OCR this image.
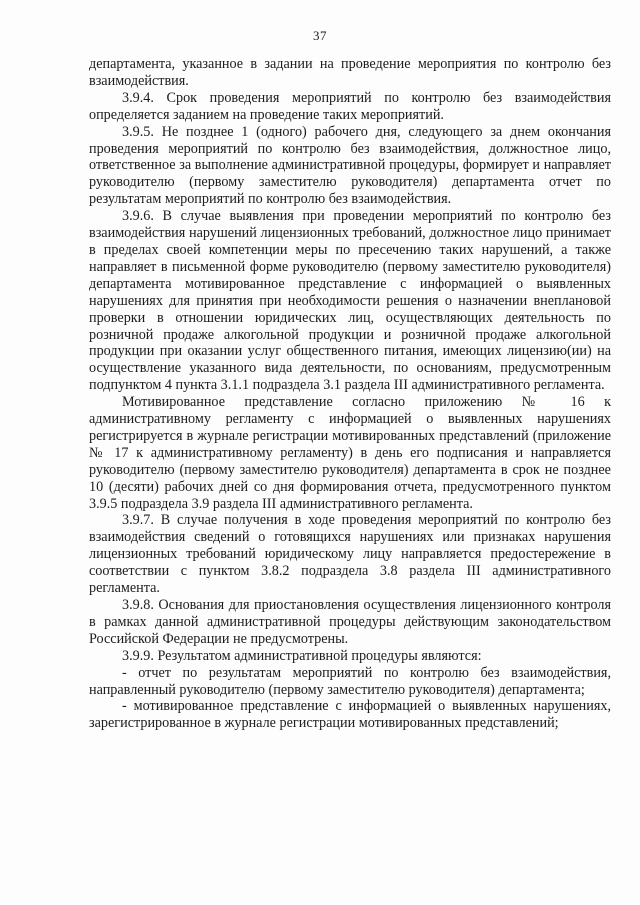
37

департамента, указанное в задании на проведение мероприятия по контролю без взаимодействия.

3.9.4. Срок проведения мероприятий по контролю без взаимодействия определяется заданием на проведение таких мероприятий.

3.9.5. Не позднее 1 (одного) рабочего дня, следующего за днем окончания проведения мероприятий по контролю без взаимодействия, должностное лицо, ответственное за выполнение административной процедуры, формирует и направляет руководителю (первому заместителю руководителя) департамента отчет по результатам мероприятий по контролю без взаимодействия.

3.9.6. В случае выявления при проведении мероприятий по контролю без взаимодействия нарушений лицензионных требований, должностное лицо принимает в пределах своей компетенции меры по пресечению таких нарушений, а также направляет в письменной форме руководителю (первому заместителю руководителя) департамента мотивированное представление с информацией о выявленных нарушениях для принятия при необходимости решения о назначении внеплановой проверки в отношении юридических лиц, осуществляющих деятельность по розничной продаже алкогольной продукции и розничной продаже алкогольной продукции при оказании услуг общественного питания, имеющих лицензию(ии) на осуществление указанного вида деятельности, по основаниям, предусмотренным подпунктом 4 пункта 3.1.1 подраздела 3.1 раздела III административного регламента.

Мотивированное представление согласно приложению № 16 к административному регламенту с информацией о выявленных нарушениях регистрируется в журнале регистрации мотивированных представлений (приложение № 17 к административному регламенту) в день его подписания и направляется руководителю (первому заместителю руководителя) департамента в срок не позднее 10 (десяти) рабочих дней со дня формирования отчета, предусмотренного пунктом 3.9.5 подраздела 3.9 раздела III административного регламента.

3.9.7. В случае получения в ходе проведения мероприятий по контролю без взаимодействия сведений о готовящихся нарушениях или признаках нарушения лицензионных требований юридическому лицу направляется предостережение в соответствии с пунктом 3.8.2 подраздела 3.8 раздела III административного регламента.

3.9.8. Основания для приостановления осуществления лицензионного контроля в рамках данной административной процедуры действующим законодательством Российской Федерации не предусмотрены.

3.9.9. Результатом административной процедуры являются:

- отчет по результатам мероприятий по контролю без взаимодействия, направленный руководителю (первому заместителю руководителя) департамента;

- мотивированное представление с информацией о выявленных нарушениях, зарегистрированное в журнале регистрации мотивированных представлений;
